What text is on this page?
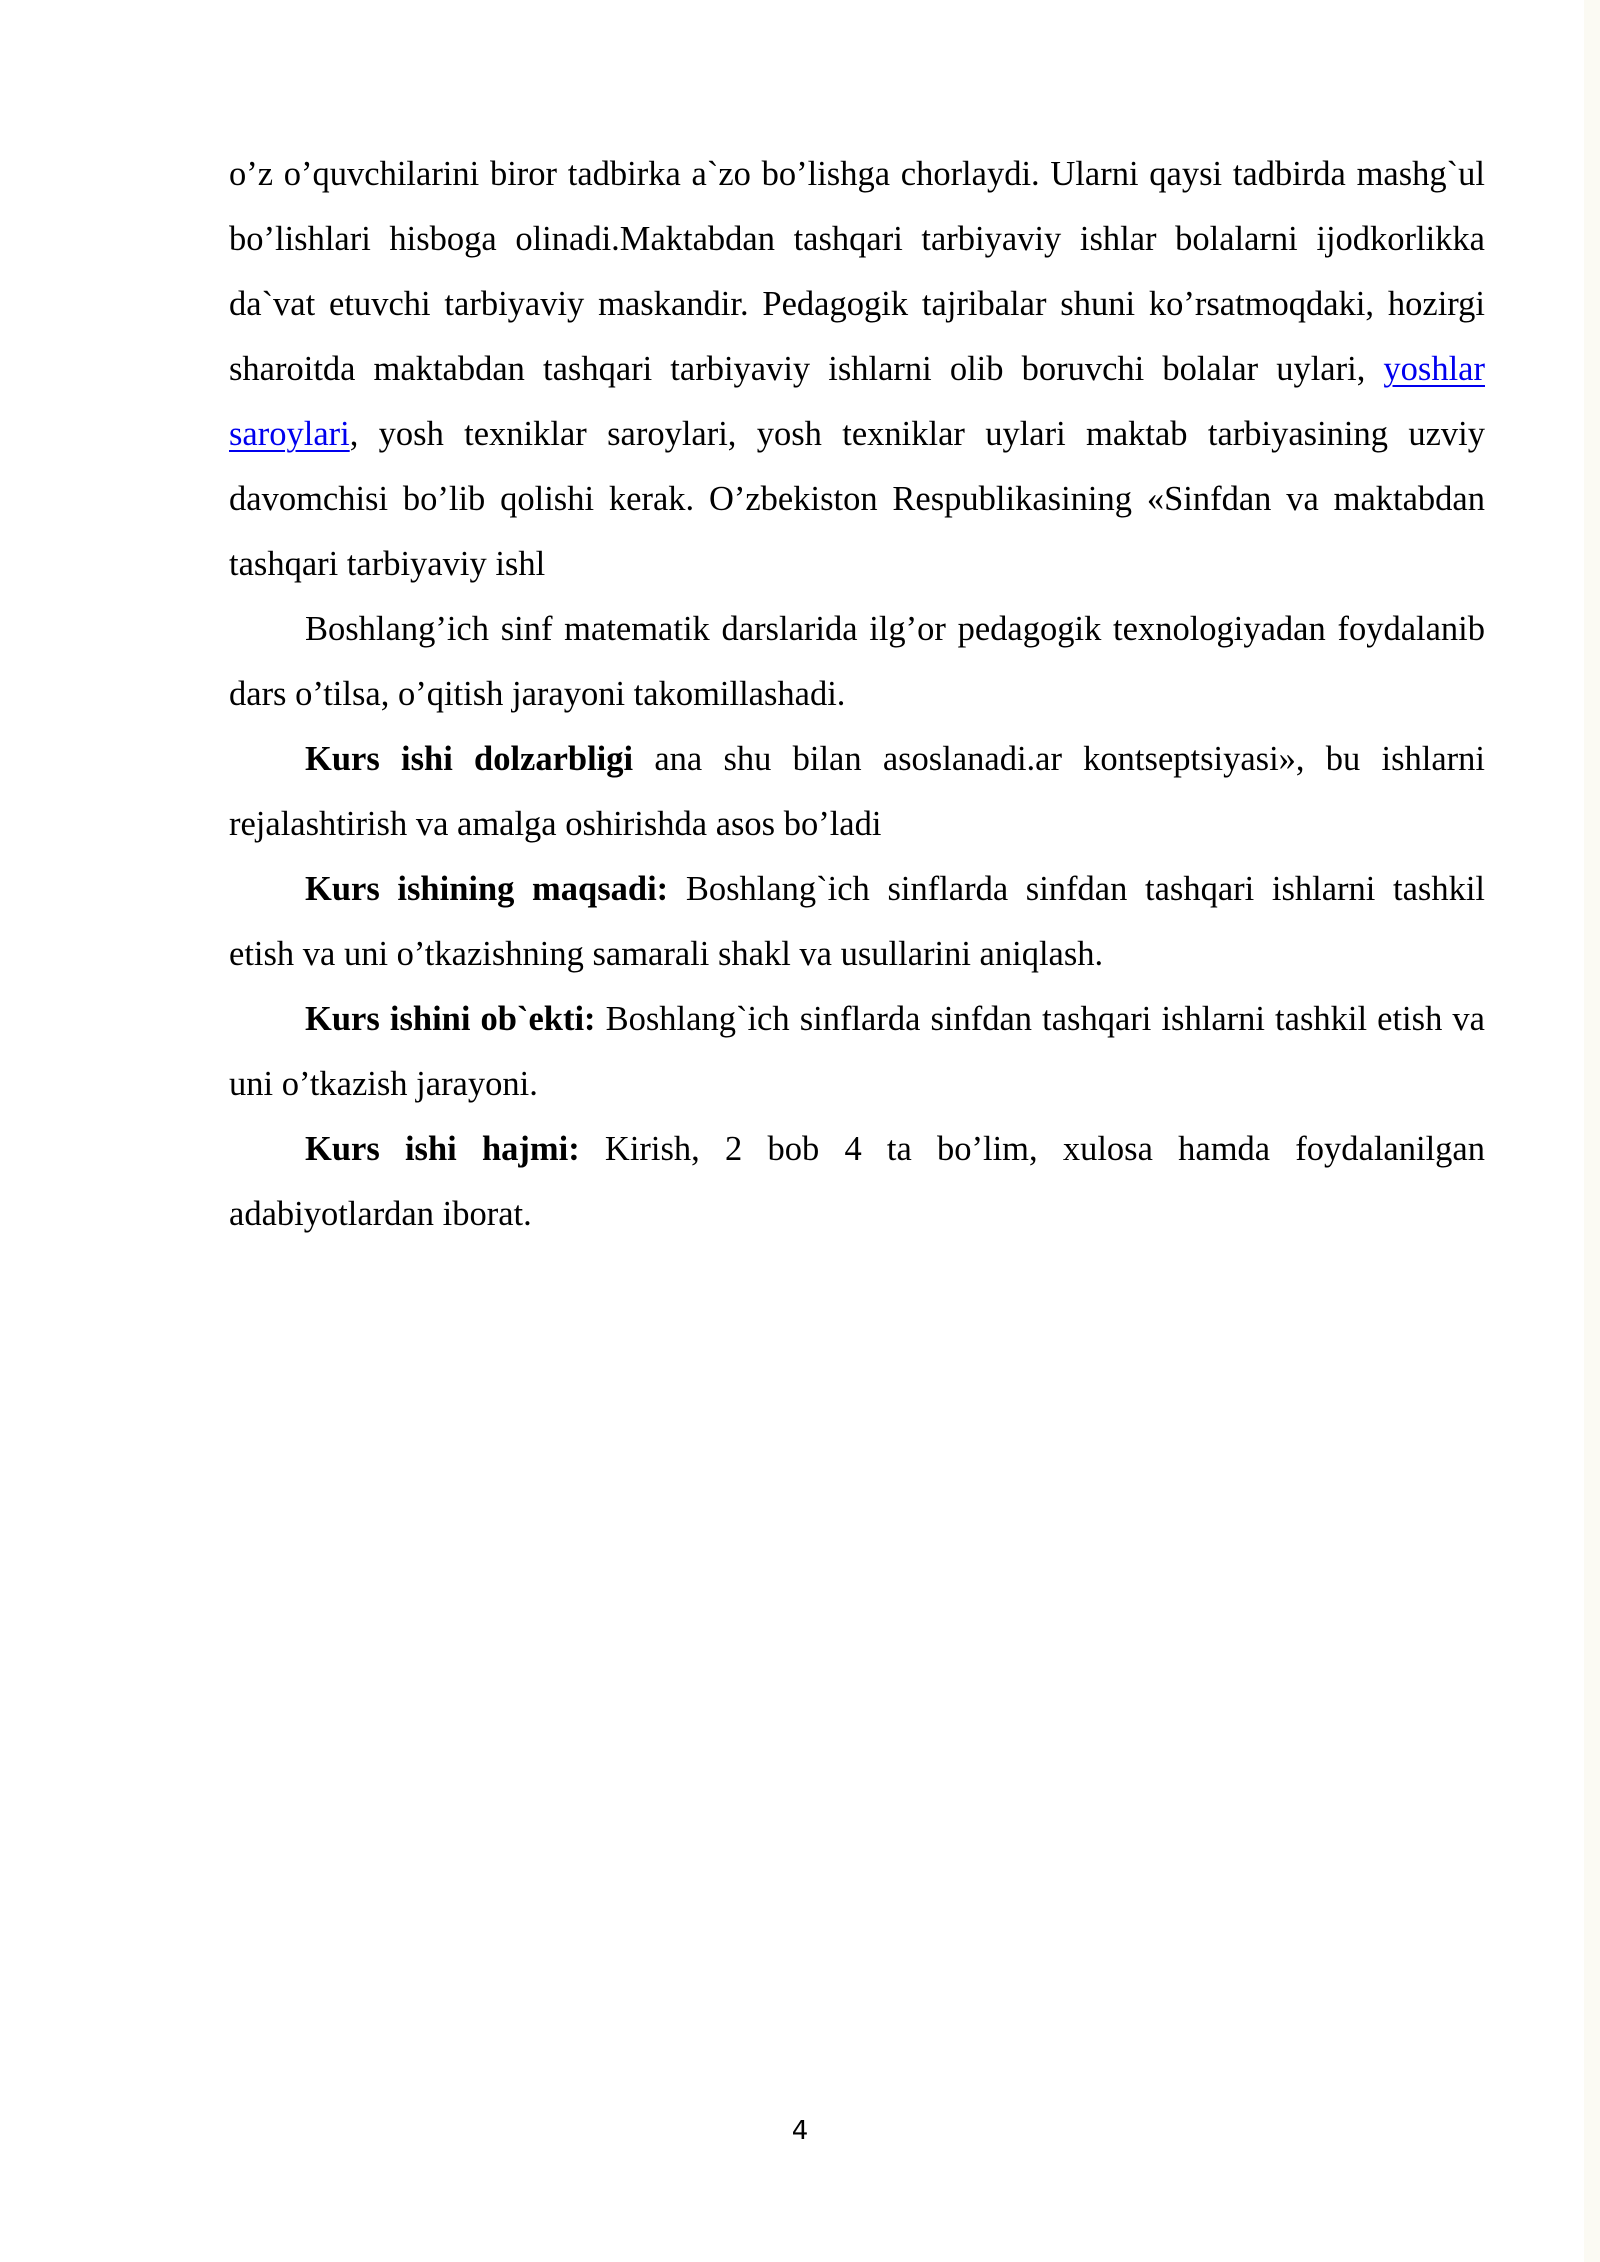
o’z o’quvchilarini biror tadbirka a`zo bo’lishga chorlaydi. Ularni qaysi tadbirda mashg`ul bo’lishlari hisboga olinadi.Maktabdan tashqari tarbiyaviy ishlar bolalarni ijodkorlikka da`vat etuvchi tarbiyaviy maskandir. Pedagogik tajribalar shuni ko’rsatmoqdaki, hozirgi sharoitda maktabdan tashqari tarbiyaviy ishlarni olib boruvchi bolalar uylari, yoshlar saroylari, yosh texniklar saroylari, yosh texniklar uylari maktab tarbiyasining uzviy davomchisi bo’lib qolishi kerak. O’zbekiston Respublikasining «Sinfdan va maktabdan tashqari tarbiyaviy ishl

Boshlang’ich sinf matematik darslarida ilg’or pedagogik texnologiyadan foydalanib dars o’tilsa, o’qitish jarayoni takomillashadi.

Kurs ishi dolzarbligi ana shu bilan asoslanadi.ar kontseptsiyasi», bu ishlarni rejalashtirish va amalga oshirishda asos bo’ladi

Kurs ishining maqsadi: Boshlang`ich sinflarda sinfdan tashqari ishlarni tashkil etish va uni o’tkazishning samarali shakl va usullarini aniqlash.

Kurs ishini ob`ekti: Boshlang`ich sinflarda sinfdan tashqari ishlarni tashkil etish va uni o’tkazish jarayoni.

Kurs ishi hajmi: Kirish, 2 bob 4 ta bo’lim, xulosa hamda foydalanilgan adabiyotlardan iborat.

4
